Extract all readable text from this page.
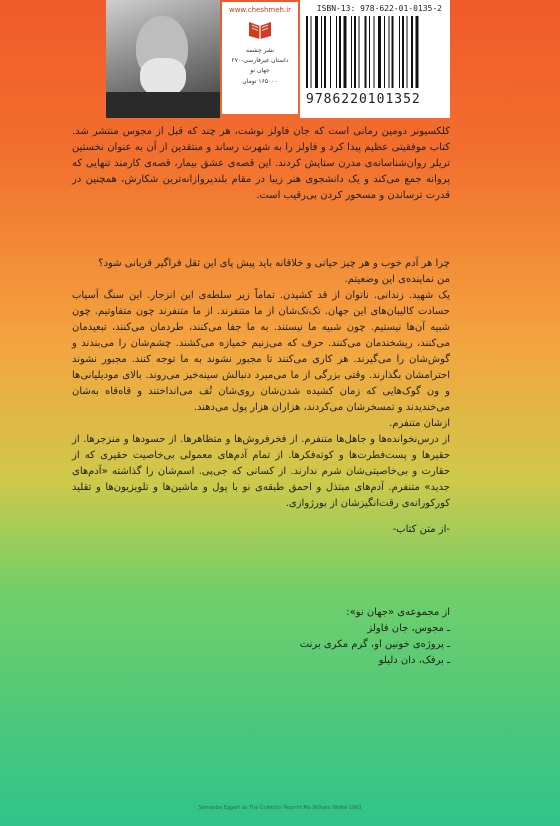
www.cheshmeh.ir
نشر چشمه
داستان غیرفارسی-۲۷۰
جهان نو
۱۶۵۰۰۰ تومان
ISBN-13: 978-622-01-0135-2
9786220101352

کلکسیونر دومین رمانی است که جان فاولز نوشت، هر چند که قبل از مجوس منتشر شد. کتاب موفقیتی عظیم پیدا کرد و فاولز را به شهرت رساند و منتقدین از آن به عنوان نخستین تریلر روان‌شناسانه‌ی مدرن ستایش کردند. این قصه‌ی عشق بیمار، قصه‌ی کارمند تنهایی که پروانه جمع می‌کند و یک دانشجوی هنر زیبا در مقام بلندپروازانه‌ترین شکارش، همچنین در قدرت ترساندن و مسحور کردن بی‌رقیب است.

چرا هر آدم خوب و هر چیز حیاتی و خلاقانه باید پیش پای این ثقل فراگیر قربانی شود؟

من نماینده‌ی این وضعیتم.

یک شهید. زندانی. ناتوان از قد کشیدن. تماماً زیر سلطه‌ی این انزجار. این سنگ آسیاب حسادت کالیبان‌های این جهان. تک‌تک‌شان از ما متنفرند. از ما متنفرند چون متفاوتیم. چون شبیه آن‌ها نیستیم. چون شبیه ما نیستند. به ما جفا می‌کنند، طردمان می‌کنند، تبعیدمان می‌کنند، ریشخندمان می‌کنند. حرف که می‌زنیم خمیازه می‌کشند. چشم‌شان را می‌بندند و گوش‌شان را می‌گیرند. هر کاری می‌کنند تا مجبور نشوند به ما توجه کنند. مجبور نشوند احترامشان بگذارند. وقتی بزرگی از ما می‌میرد دنبالش سینه‌خیز می‌روند. بالای مودیلیانی‌ها و ون گوک‌هایی که زمان کشیده شدن‌شان روی‌شان تُف می‌انداختند و قاه‌قاه به‌شان می‌خندیدند و تمسخرشان می‌کردند، هزاران هزار پول می‌دهند.

از‌شان متنفرم.

از درس‌نخوانده‌ها و جاهل‌ها متنفرم. از فخرفروش‌ها و متظاهرها. از حسودها و منزجرها. از حقیرها و پست‌فطرت‌ها و کوته‌فکرها. از تمام آدم‌های معمولی بی‌خاصیت حقیری که از حقارت و بی‌خاصیتی‌شان شرم ندارند. از کسانی که جی‌پی. اسم‌شان را گذاشته «آدم‌های جدید» متنفرم. آدم‌های مبتذل و احمق طبقه‌ی نو با پول و ماشین‌ها و تلویزیون‌ها و تقلید کورکورانه‌ی رقت‌انگیزشان از بورژوازی.

-از متن کتاب-

از مجموعه‌ی «جهان نو»:

ـ مجوس، جان فاولز

ـ پروژه‌ی خونین او، گرم مکری برنت

ـ برفک، دان دلیلو

Semaeba Eggart as The Collector Reprint Ma William Wolke 1963
